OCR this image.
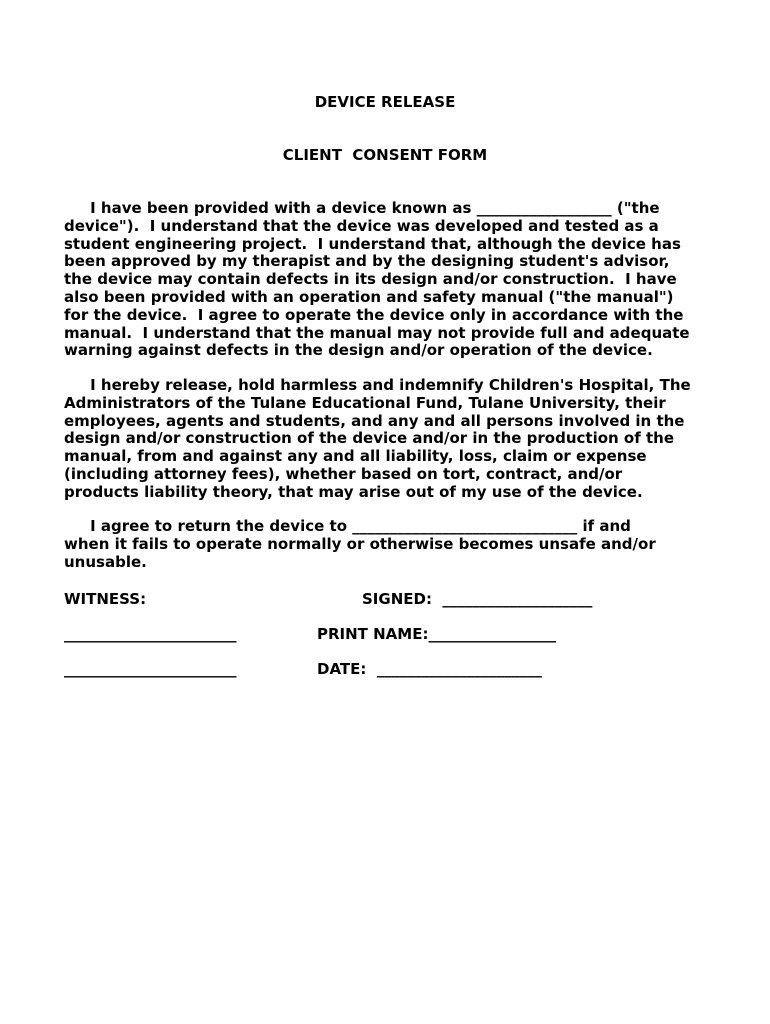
DEVICE RELEASE
CLIENT  CONSENT FORM
I have been provided with a device known as __________________ ("the
device").  I understand that the device was developed and tested as a
student engineering project.  I understand that, although the device has
been approved by my therapist and by the designing student's advisor,
the device may contain defects in its design and/or construction.  I have
also been provided with an operation and safety manual ("the manual")
for the device.  I agree to operate the device only in accordance with the
manual.  I understand that the manual may not provide full and adequate
warning against defects in the design and/or operation of the device.
I hereby release, hold harmless and indemnify Children's Hospital, The
Administrators of the Tulane Educational Fund, Tulane University, their
employees, agents and students, and any and all persons involved in the
design and/or construction of the device and/or in the production of the
manual, from and against any and all liability, loss, claim or expense
(including attorney fees), whether based on tort, contract, and/or
products liability theory, that may arise out of my use of the device.
I agree to return the device to ______________________________ if and
when it fails to operate normally or otherwise becomes unsafe and/or
unusable.
WITNESS:	SIGNED:  ____________________
_______________________	PRINT NAME:_________________
_______________________	DATE:  ______________________
